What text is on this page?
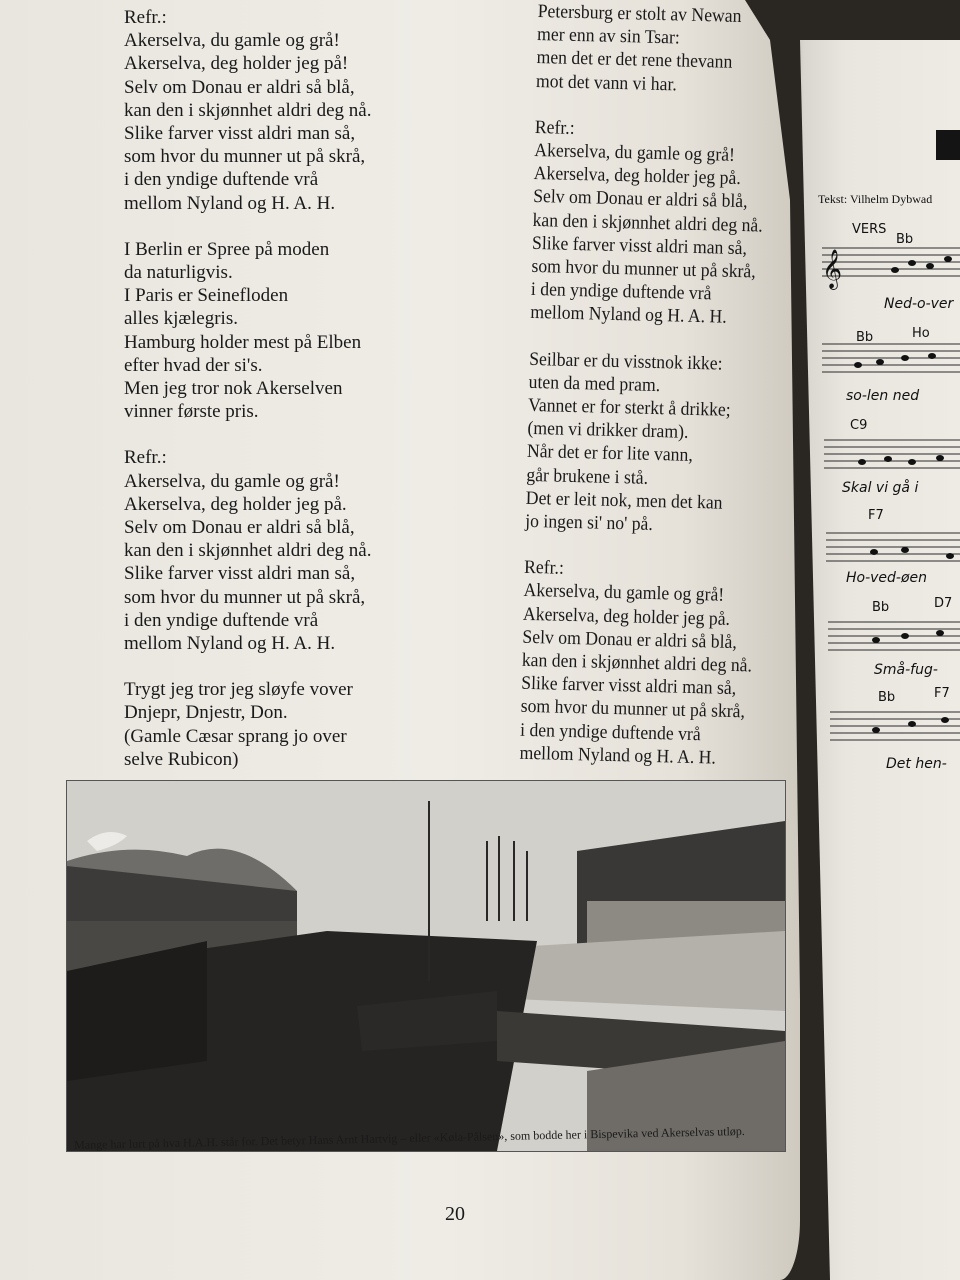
Refr.:
Akerselva, du gamle og grå!
Akerselva, deg holder jeg på!
Selv om Donau er aldri så blå,
kan den i skjønnhet aldri deg nå.
Slike farver visst aldri man så,
som hvor du munner ut på skrå,
i den yndige duftende vrå
mellom Nyland og H. A. H.
I Berlin er Spree på moden
da naturligvis.
I Paris er Seinefloden
alles kjælegris.
Hamburg holder mest på Elben
efter hvad der si's.
Men jeg tror nok Akerselven
vinner første pris.
Refr.:
Akerselva, du gamle og grå!
Akerselva, deg holder jeg på.
Selv om Donau er aldri så blå,
kan den i skjønnhet aldri deg nå.
Slike farver visst aldri man så,
som hvor du munner ut på skrå,
i den yndige duftende vrå
mellom Nyland og H. A. H.
Trygt jeg tror jeg sløyfe vover
Dnjepr, Dnjestr, Don.
(Gamle Cæsar sprang jo over
selve Rubicon)
Petersburg er stolt av Newan
mer enn av sin Tsar:
men det er det rene thevann
mot det vann vi har.
Refr.:
Akerselva, du gamle og grå!
Akerselva, deg holder jeg på.
Selv om Donau er aldri så blå,
kan den i skjønnhet aldri deg nå.
Slike farver visst aldri man så,
som hvor du munner ut på skrå,
i den yndige duftende vrå
mellom Nyland og H. A. H.
Seilbar er du visstnok ikke:
uten da med pram.
Vannet er for sterkt å drikke;
(men vi drikker dram).
Når det er for lite vann,
går brukene i stå.
Det er leit nok, men det kan
jo ingen si' no' på.
Refr.:
Akerselva, du gamle og grå!
Akerselva, deg holder jeg på.
Selv om Donau er aldri så blå,
kan den i skjønnhet aldri deg nå.
Slike farver visst aldri man så,
som hvor du munner ut på skrå,
i den yndige duftende vrå
mellom Nyland og H. A. H.
Mange har lurt på hva H.A.H. står for. Det betyr Hans Arnt Hartvig – eller «Køla-Pålsen», som bodde her i Bispevika ved Akerselvas utløp.
20
𝄞
Tekst: Vilhelm Dybwad
VERS
Bb
Bb	Ho
C9
F7
Bb	D7
Bb	F7
Ned-o-ver
so-len ned
Skal vi gå i
Ho-ved-øen
Små-fug-
Det hen-
